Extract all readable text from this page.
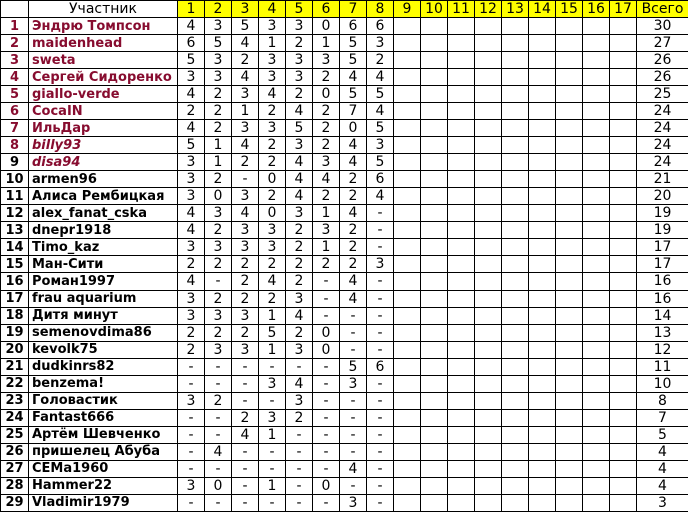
	Участник	1	2	3	4	5	6	7	8	9	10	11	12	13	14	15	16	17	Всего
1	Эндрю Томпсон	4	3	5	3	3	0	6	6										30
2	maidenhead	6	5	4	1	2	1	5	3										27
3	sweta	5	3	2	3	3	3	5	2										26
4	Сергей Сидоренко	3	3	4	3	3	2	4	4										26
5	giallo-verde	4	2	3	4	2	0	5	5										25
6	CocaIN	2	2	1	2	4	2	7	4										24
7	ИльДар	4	2	3	3	5	2	0	5										24
8	billy93	5	1	4	2	3	2	4	3										24
9	disa94	3	1	2	2	4	3	4	5										24
10	armen96	3	2	-	0	4	4	2	6										21
11	Алиса Рембицкая	3	0	3	2	4	2	2	4										20
12	alex_fanat_cska	4	3	4	0	3	1	4	-										19
13	dnepr1918	4	2	3	3	2	3	2	-										19
14	Timo_kaz	3	3	3	3	2	1	2	-										17
15	Ман-Сити	2	2	2	2	2	2	2	3										17
16	Роман1997	4	-	2	4	2	-	4	-										16
17	frau aquarium	3	2	2	2	3	-	4	-										16
18	Дитя минут	3	3	3	1	4	-	-	-										14
19	semenovdima86	2	2	2	5	2	0	-	-										13
20	kevolk75	2	3	3	1	3	0	-	-										12
21	dudkinrs82	-	-	-	-	-	-	5	6										11
22	benzema!	-	-	-	3	4	-	3	-										10
23	Головастик	3	2	-	-	3	-	-	-										8
24	Fantast666	-	-	2	3	2	-	-	-										7
25	Артём Шевченко	-	-	4	1	-	-	-	-										5
26	пришелец Абуба	-	4	-	-	-	-	-	-										4
27	CEMa1960	-	-	-	-	-	-	4	-										4
28	Hammer22	3	0	-	1	-	0	-	-										4
29	Vladimir1979	-	-	-	-	-	-	3	-										3
